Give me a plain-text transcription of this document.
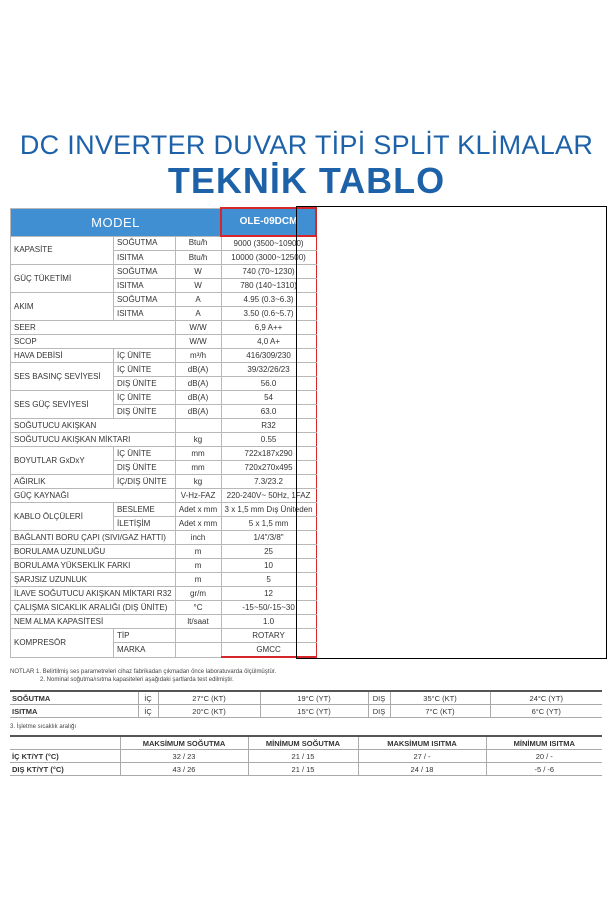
DC INVERTER DUVAR TİPİ SPLİT KLİMALAR
TEKNİK TABLO
MODEL			OLE-09DCM
KAPASİTE	SOĞUTMA	Btu/h	9000 (3500~10900)
	ISITMA	Btu/h	10000 (3000~12500)
GÜÇ TÜKETİMİ	SOĞUTMA	W	740 (70~1230)
	ISITMA	W	780 (140~1310)
AKIM	SOĞUTMA	A	4.95 (0.3~6.3)
	ISITMA	A	3.50 (0.6~5.7)
SEER		W/W	6,9 A++
SCOP		W/W	4,0 A+
HAVA DEBİSİ	İÇ ÜNİTE	m³/h	416/309/230
SES BASINÇ SEVİYESİ	İÇ ÜNİTE	dB(A)	39/32/26/23
	DIŞ ÜNİTE	dB(A)	56.0
SES GÜÇ SEVİYESİ	İÇ ÜNİTE	dB(A)	54
	DIŞ ÜNİTE	dB(A)	63.0
SOĞUTUCU AKIŞKAN			R32
SOĞUTUCU AKIŞKAN MİKTARI		kg	0.55
BOYUTLAR GxDxY	İÇ ÜNİTE	mm	722x187x290
	DIŞ ÜNİTE	mm	720x270x495
AĞIRLIK	İÇ/DIŞ ÜNİTE	kg	7.3/23.2
GÜÇ KAYNAĞI		V-Hz-FAZ	220-240V~ 50Hz, 1FAZ
KABLO ÖLÇÜLERİ	BESLEME	Adet x mm	3 x 1,5 mm Dış Üniteden
	İLETİŞİM	Adet x mm	5 x 1,5 mm
BAĞLANTI BORU ÇAPI (SIVI/GAZ HATTI)		inch	1/4"/3/8"
BORULAMA UZUNLUĞU		m	25
BORULAMA YÜKSEKLİK FARKI		m	10
ŞARJSIZ UZUNLUK		m	5
İLAVE SOĞUTUCU AKIŞKAN MİKTARI R32		gr/m	12
ÇALIŞMA SICAKLIK ARALIĞI (DIŞ ÜNİTE)		°C	-15~50/-15~30
NEM ALMA KAPASİTESİ		lt/saat	1.0
KOMPRESÖR	TİP		ROTARY
	MARKA		GMCC
NOTLAR 1. Belirtilmiş ses parametreleri cihaz fabrikadan çıkmadan önce laboratuvarda ölçülmüştür.
2. Nominal soğutma/ısıtma kapasiteleri aşağıdaki şartlarda test edilmiştir.
SOĞUTMA	İÇ	27°C (KT)	19°C (YT)	DIŞ	35°C (KT)	24°C (YT)
ISITMA	İÇ	20°C (KT)	15°C (YT)	DIŞ	7°C (KT)	6°C (YT)
3. İşletme sıcaklık aralığı
	MAKSİMUM SOĞUTMA	MİNİMUM SOĞUTMA	MAKSİMUM ISITMA	MİNİMUM ISITMA
İÇ KT/YT (°C)	32 / 23	21 / 15	27 / -	20 / -
DIŞ KT/YT (°C)	43 / 26	21 / 15	24 / 18	-5 / -6
